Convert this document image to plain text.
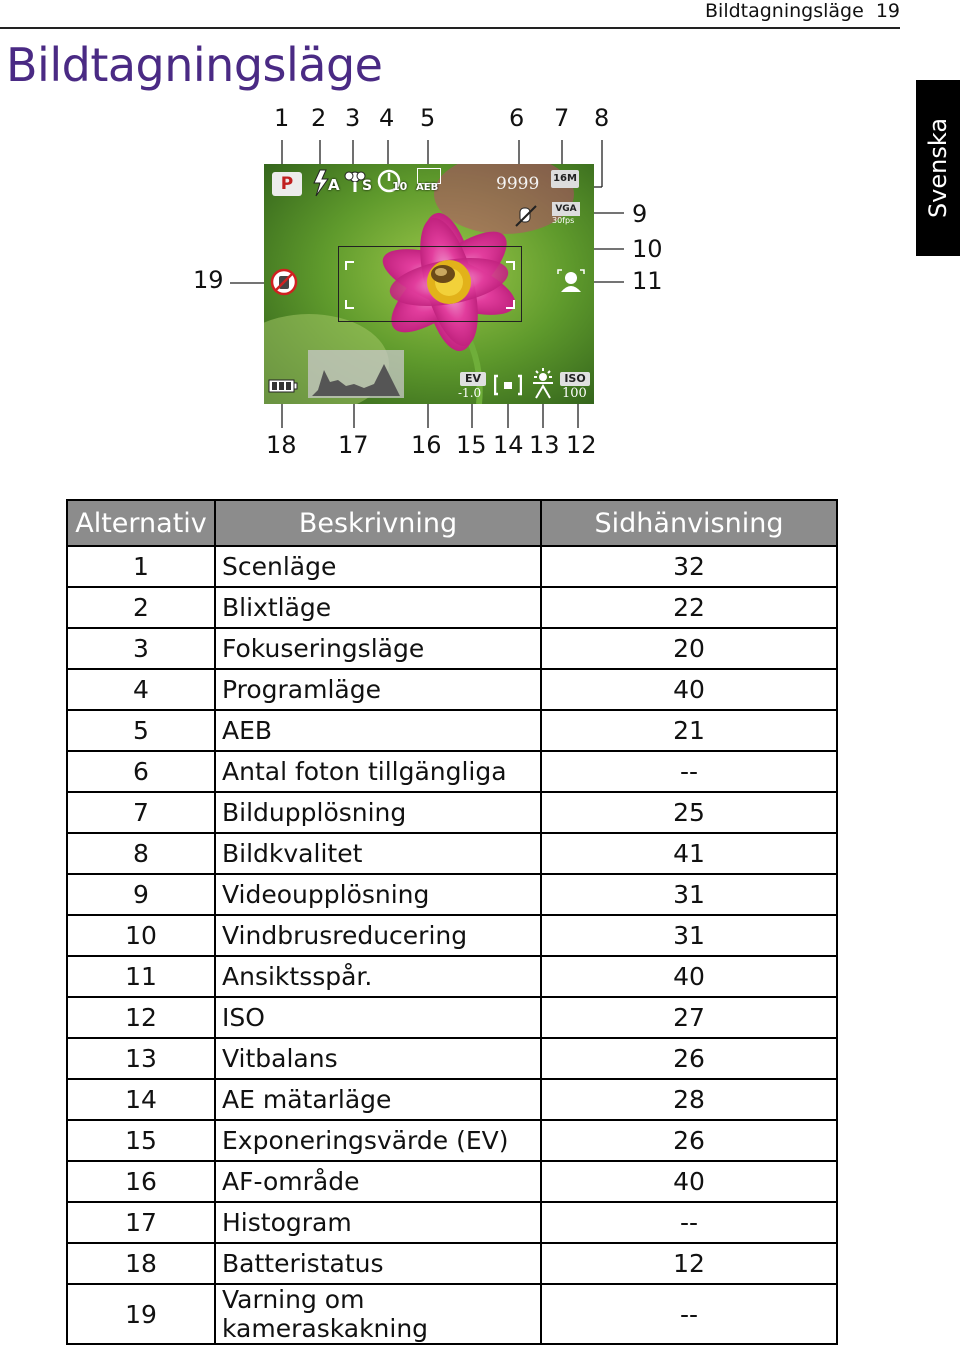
Bildtagningsläge 19
Svenska
Bildtagningsläge
1 2 3 4 5	6 7 8
9
10
11
19
18 17 16 15 14 13 12
P	A S 10 AEB	9999 16M
VGA
30fps
EV
-1.0
ISO
100
Alternativ	Beskrivning	Sidhänvisning
1	Scenläge	32
2	Blixtläge	22
3	Fokuseringsläge	20
4	Programläge	40
5	AEB	21
6	Antal foton tillgängliga	--
7	Bildupplösning	25
8	Bildkvalitet	41
9	Videoupplösning	31
10	Vindbrusreducering	31
11	Ansiktsspår.	40
12	ISO	27
13	Vitbalans	26
14	AE mätarläge	28
15	Exponeringsvärde (EV)	26
16	AF-område	40
17	Histogram	--
18	Batteristatus	12
19	Varning om kameraskakning	--
